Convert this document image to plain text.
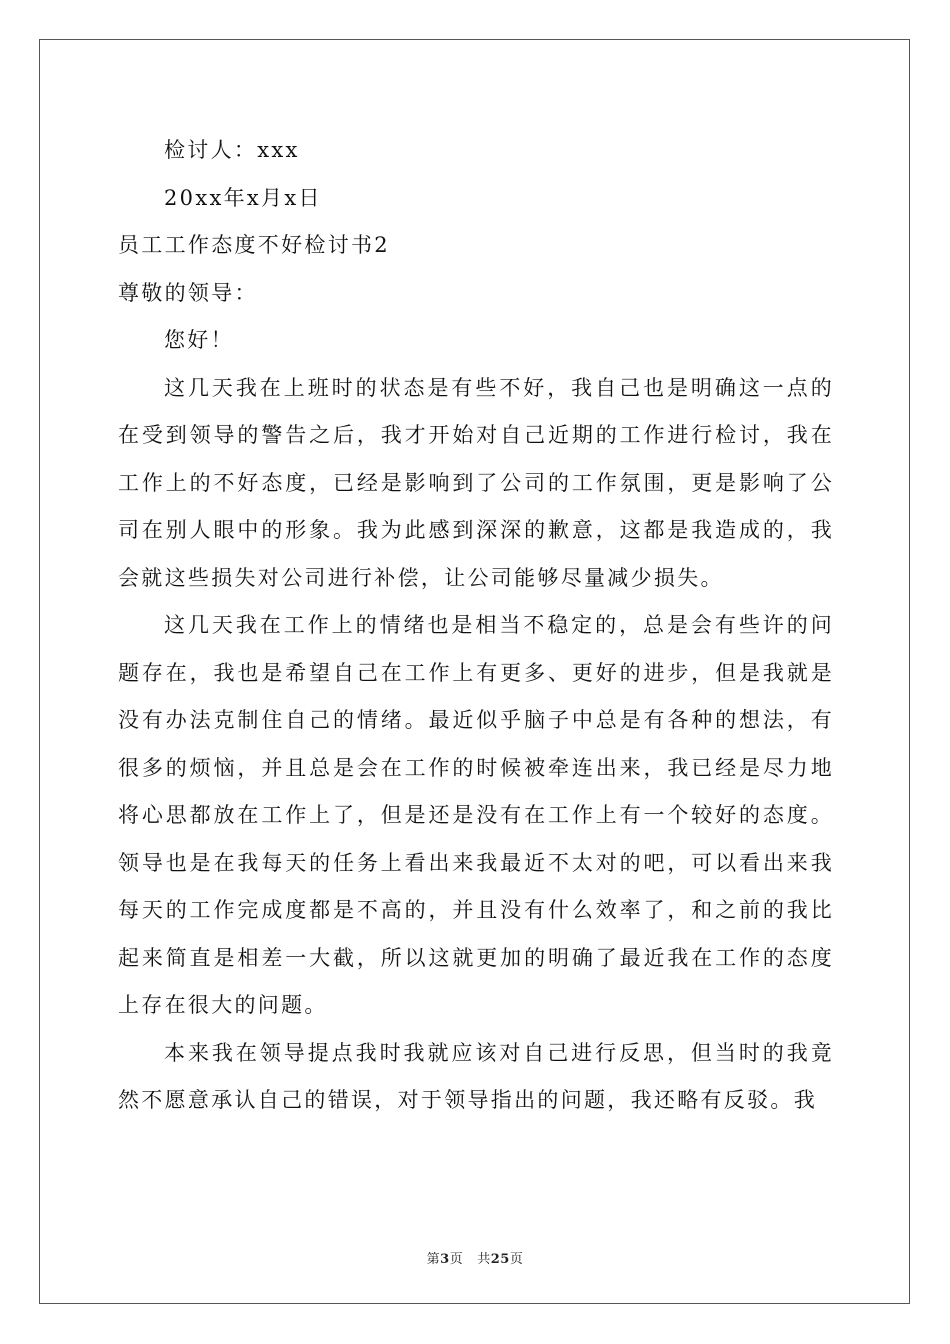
检讨人：xxx

20xx年x月x日

员工工作态度不好检讨书2

尊敬的领导：

您好！

这几天我在上班时的状态是有些不好，我自己也是明确这一点的在受到领导的警告之后，我才开始对自己近期的工作进行检讨，我在工作上的不好态度，已经是影响到了公司的工作氛围，更是影响了公司在别人眼中的形象。我为此感到深深的歉意，这都是我造成的，我会就这些损失对公司进行补偿，让公司能够尽量减少损失。

这几天我在工作上的情绪也是相当不稳定的，总是会有些许的问题存在，我也是希望自己在工作上有更多、更好的进步，但是我就是没有办法克制住自己的情绪。最近似乎脑子中总是有各种的想法，有很多的烦恼，并且总是会在工作的时候被牵连出来，我已经是尽力地将心思都放在工作上了，但是还是没有在工作上有一个较好的态度。领导也是在我每天的任务上看出来我最近不太对的吧，可以看出来我每天的工作完成度都是不高的，并且没有什么效率了，和之前的我比起来简直是相差一大截，所以这就更加的明确了最近我在工作的态度上存在很大的问题。

本来我在领导提点我时我就应该对自己进行反思，但当时的我竟然不愿意承认自己的错误，对于领导指出的问题，我还略有反驳。我

第3页 共25页
